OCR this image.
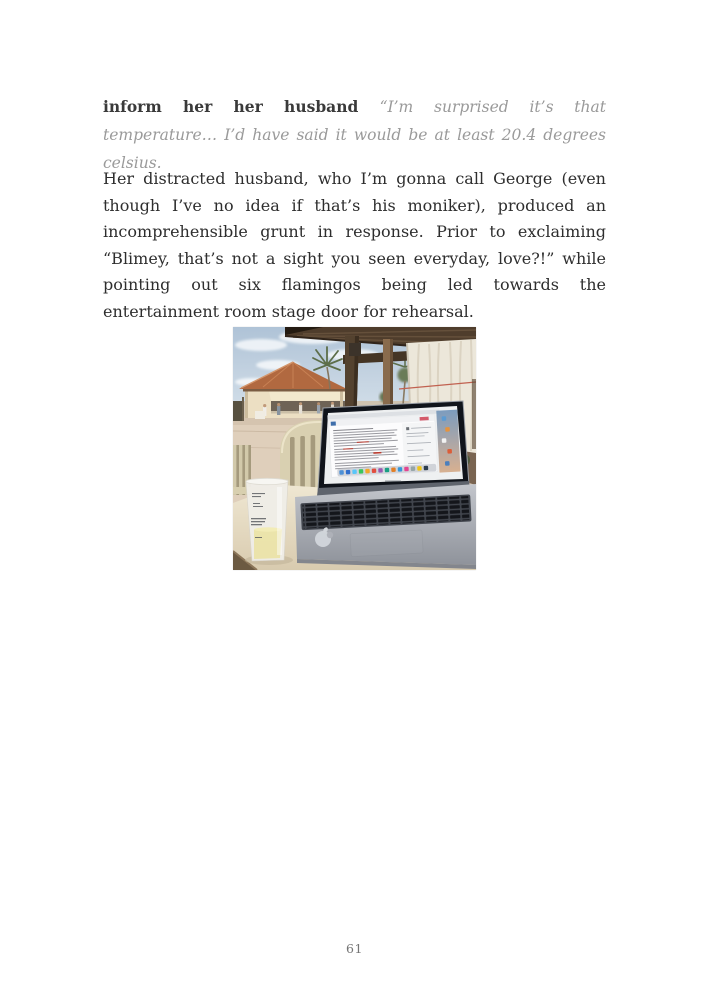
inform her her husband “I’m surprised it’s that temperature… I’d have said it would be at least 20.4 degrees celsius.

Her distracted husband, who I’m gonna call George (even though I’ve no idea if that’s his moniker), produced an incomprehensible grunt in response. Prior to exclaiming “Blimey, that’s not a sight you seen everyday, love?!” while pointing out six flamingos being led towards the entertainment room stage door for rehearsal.

61
